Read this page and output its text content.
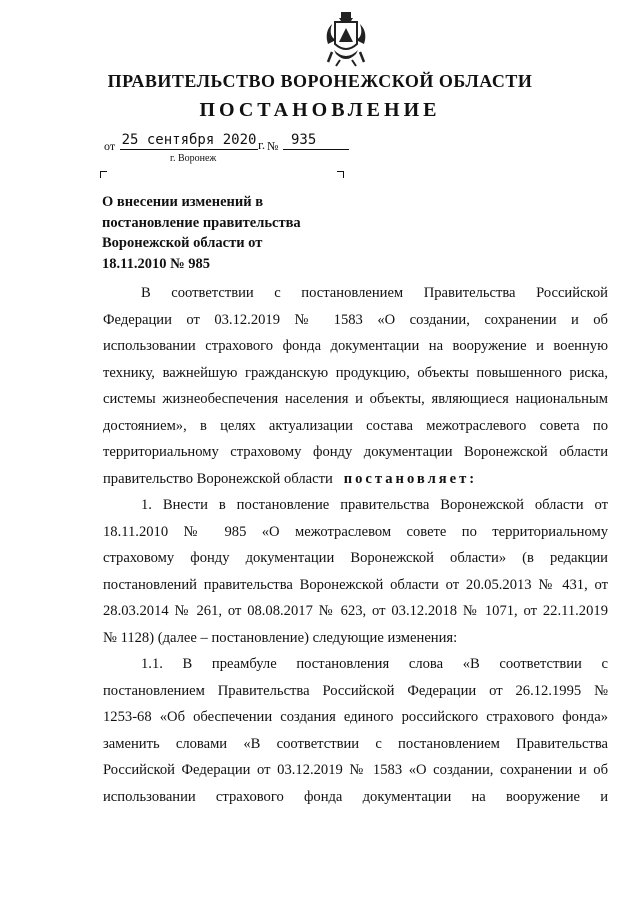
ПРАВИТЕЛЬСТВО ВОРОНЕЖСКОЙ ОБЛАСТИ
ПОСТАНОВЛЕНИЕ
от 25 сентября 2020 г. № 935
г. Воронеж
О внесении изменений в
постановление правительства
Воронежской области от
18.11.2010 № 985
В соответствии с постановлением Правительства Российской
Федерации от 03.12.2019 № 1583 «О создании, сохранении и об
использовании страхового фонда документации на вооружение и военную
технику, важнейшую гражданскую продукцию, объекты повышенного риска,
системы жизнеобеспечения населения и объекты, являющиеся национальным
достоянием», в целях актуализации состава межотраслевого совета по
территориальному страховому фонду документации Воронежской области
правительство Воронежской области постановляет:
1. Внести в постановление правительства Воронежской области от
18.11.2010 № 985 «О межотраслевом совете по территориальному
страховому фонду документации Воронежской области» (в редакции
постановлений правительства Воронежской области от 20.05.2013 № 431, от
28.03.2014 № 261, от 08.08.2017 № 623, от 03.12.2018 № 1071, от 22.11.2019
№ 1128) (далее – постановление) следующие изменения:
1.1. В преамбуле постановления слова «В соответствии с
постановлением Правительства Российской Федерации от 26.12.1995 №
1253-68 «Об обеспечении создания единого российского страхового фонда»
заменить словами «В соответствии с постановлением Правительства
Российской Федерации от 03.12.2019 № 1583 «О создании, сохранении и об
использовании страхового фонда документации на вооружение и
